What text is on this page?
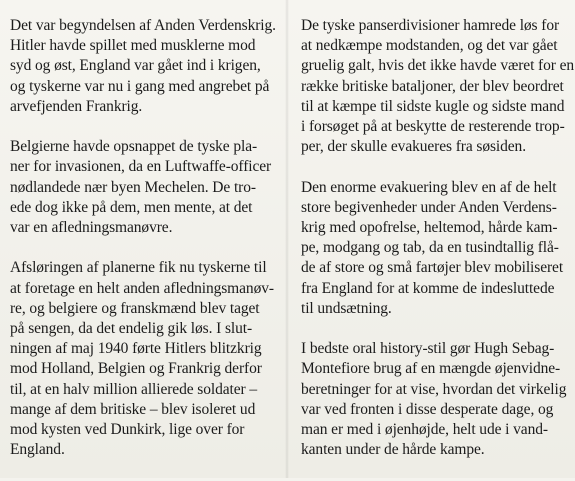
Det var begyndelsen af Anden Verdenskrig.
Hitler havde spillet med musklerne mod
syd og øst, England var gået ind i krigen,
og tyskerne var nu i gang med angrebet på
arvefjenden Frankrig.

Belgierne havde opsnappet de tyske pla-
ner for invasionen, da en Luftwaffe-officer
nødlandede nær byen Mechelen. De tro-
ede dog ikke på dem, men mente, at det
var en afledningsmanøvre.

Afsløringen af planerne fik nu tyskerne til
at foretage en helt anden afledningsmanøv-
re, og belgiere og franskmænd blev taget
på sengen, da det endelig gik løs. I slut-
ningen af maj 1940 førte Hitlers blitzkrig
mod Holland, Belgien og Frankrig derfor
til, at en halv million allierede soldater –
mange af dem britiske – blev isoleret ud
mod kysten ved Dunkirk, lige over for
England.

De tyske panserdivisioner hamrede løs for
at nedkæmpe modstanden, og det var gået
gruelig galt, hvis det ikke havde været for en
række britiske bataljoner, der blev beordret
til at kæmpe til sidste kugle og sidste mand
i forsøget på at beskytte de resterende trop-
per, der skulle evakueres fra søsiden.

Den enorme evakuering blev en af de helt
store begivenheder under Anden Verdens-
krig med opofrelse, heltemod, hårde kam-
pe, modgang og tab, da en tusindtallig flå-
de af store og små fartøjer blev mobiliseret
fra England for at komme de indesluttede
til undsætning.

I bedste oral history-stil gør Hugh Sebag-
Montefiore brug af en mængde øjenvidne-
beretninger for at vise, hvordan det virkelig
var ved fronten i disse desperate dage, og
man er med i øjenhøjde, helt ude i vand-
kanten under de hårde kampe.
